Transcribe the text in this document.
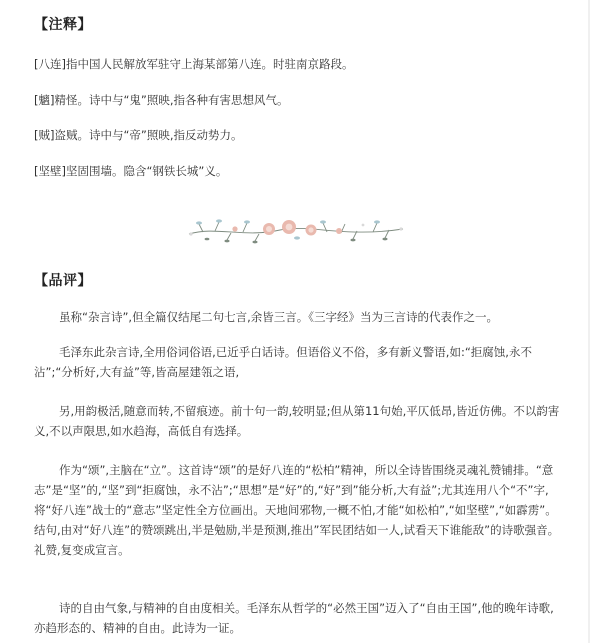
【注释】
[八连]指中国人民解放军驻守上海某部第八连。时驻南京路段。
[魑]精怪。诗中与“鬼”照映,指各种有害思想风气。
[贼]盗贼。诗中与“帝”照映,指反动势力。
[坚壁]坚固围墙。隐含“钢铁长城”义。
【品评】

虽称“杂言诗”,但全篇仅结尾二句七言,余皆三言。《三字经》当为三言诗的代表作之一。

毛泽东此杂言诗,全用俗词俗语,已近乎白话诗。但语俗义不俗，多有新义警语,如:“拒腐蚀,永不沾”;“分析好,大有益”等,皆高屋建瓴之语,

另,用韵极活,随意而转,不留痕迹。前十句一韵,较明显;但从第11句始,平仄低昂,皆近仿佛。不以韵害义,不以声限思,如水趋海，高低自有选择。

作为“颂”,主脑在“立”。这首诗“颂”的是好八连的“松柏”精神，所以全诗皆围绕灵魂礼赞铺排。“意志”是“坚”的,“坚”到“拒腐蚀，永不沾”;“思想”是“好”的,“好”到”能分析,大有益”;尤其连用八个“不”字,将“好八连”战士的“意志”坚定性全方位画出。天地间邪物,一概不怕,才能“如松柏”,“如坚壁”,“如霹雳”。结句,由对“好八连”的赞颂跳出,半是勉励,半是预测,推出”军民团结如一人,试看天下谁能敌”的诗歌强音。礼赞,复变成宣言。

诗的自由气象,与精神的自由度相关。毛泽东从哲学的“必然王国”迈入了“自由王国”,他的晚年诗歌,亦趋形态的、精神的自由。此诗为一证。
